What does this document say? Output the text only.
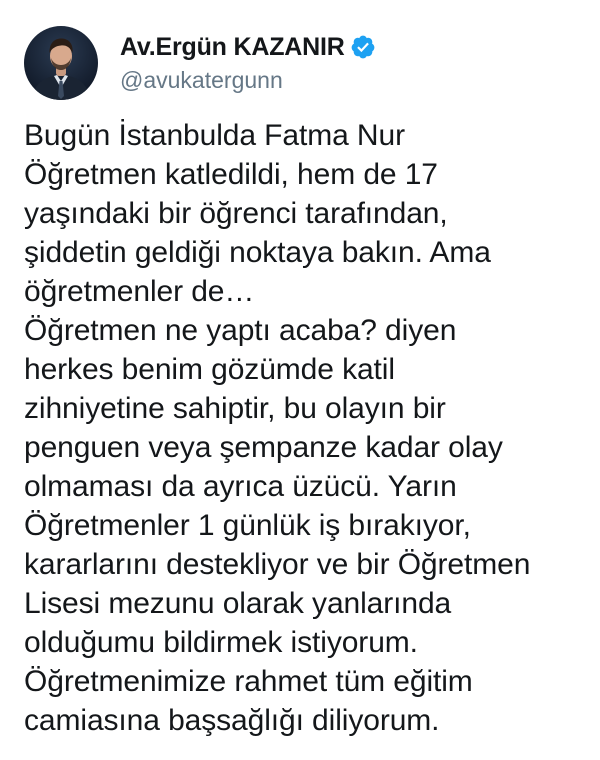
Av.Ergün KAZANIR
@avukatergunn
Bugün İstanbulda Fatma Nur
Öğretmen katledildi, hem de 17
yaşındaki bir öğrenci tarafından,
şiddetin geldiği noktaya bakın. Ama
öğretmenler de…
Öğretmen ne yaptı acaba? diyen
herkes benim gözümde katil
zihniyetine sahiptir, bu olayın bir
penguen veya şempanze kadar olay
olmaması da ayrıca üzücü. Yarın
Öğretmenler 1 günlük iş bırakıyor,
kararlarını destekliyor ve bir Öğretmen
Lisesi mezunu olarak yanlarında
olduğumu bildirmek istiyorum.
Öğretmenimize rahmet tüm eğitim
camiasına başsağlığı diliyorum.
